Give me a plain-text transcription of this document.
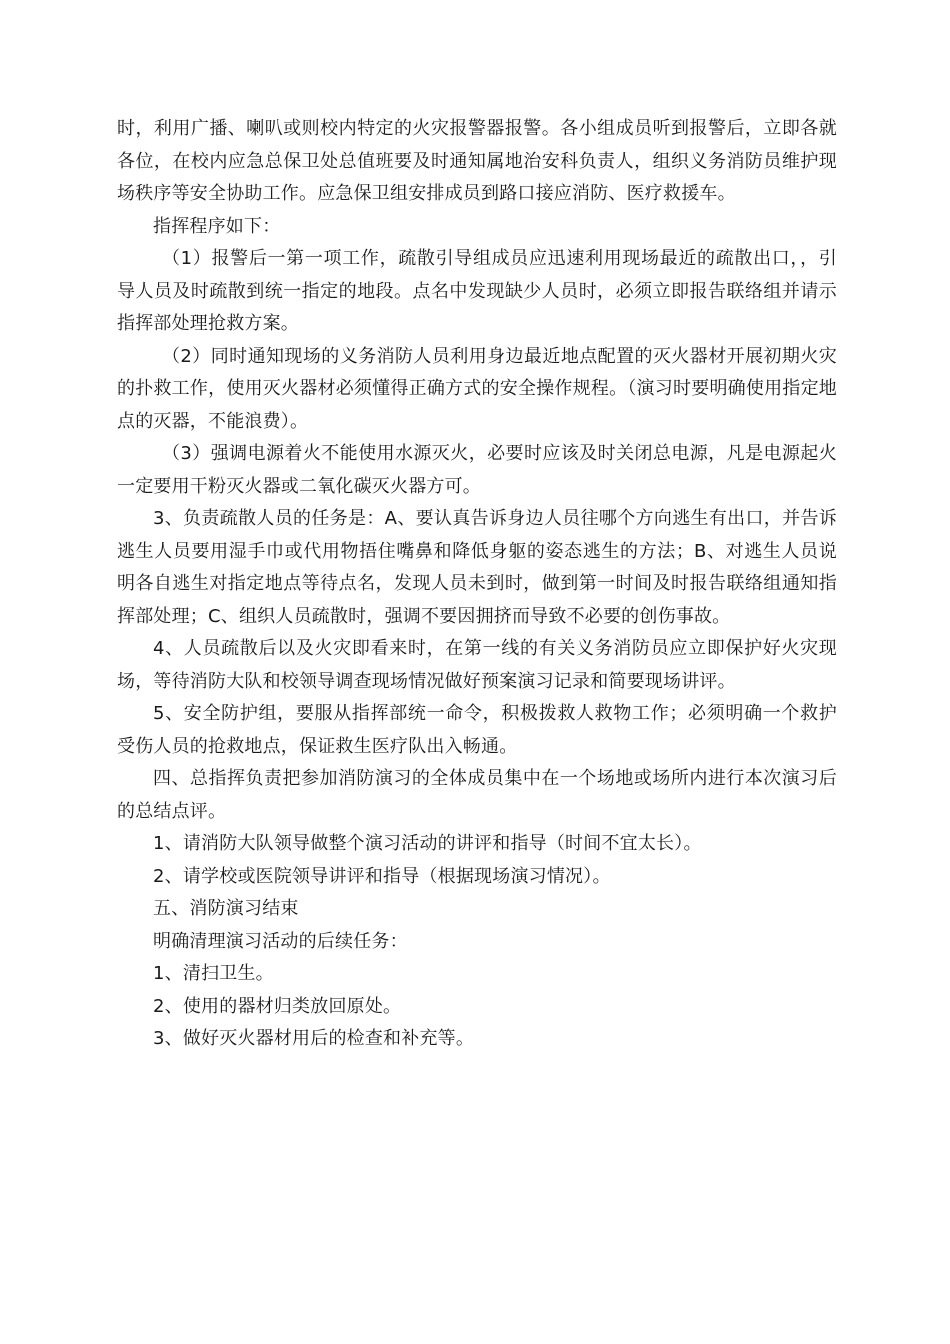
时，利用广播、喇叭或则校内特定的火灾报警器报警。各小组成员听到报警后，立即各就各位，在校内应急总保卫处总值班要及时通知属地治安科负责人，组织义务消防员维护现场秩序等安全协助工作。应急保卫组安排成员到路口接应消防、医疗救援车。

指挥程序如下：

（1）报警后一第一项工作，疏散引导组成员应迅速利用现场最近的疏散出口，，引导人员及时疏散到统一指定的地段。点名中发现缺少人员时，必须立即报告联络组并请示指挥部处理抢救方案。

（2）同时通知现场的义务消防人员利用身边最近地点配置的灭火器材开展初期火灾的扑救工作，使用灭火器材必须懂得正确方式的安全操作规程。（演习时要明确使用指定地点的灭器，不能浪费）。

（3）强调电源着火不能使用水源灭火，必要时应该及时关闭总电源，凡是电源起火一定要用干粉灭火器或二氧化碳灭火器方可。

3、负责疏散人员的任务是：A、要认真告诉身边人员往哪个方向逃生有出口，并告诉逃生人员要用湿手巾或代用物捂住嘴鼻和降低身躯的姿态逃生的方法；B、对逃生人员说明各自逃生对指定地点等待点名，发现人员未到时，做到第一时间及时报告联络组通知指挥部处理；C、组织人员疏散时，强调不要因拥挤而导致不必要的创伤事故。

4、人员疏散后以及火灾即看来时，在第一线的有关义务消防员应立即保护好火灾现场，等待消防大队和校领导调查现场情况做好预案演习记录和简要现场讲评。

5、安全防护组，要服从指挥部统一命令，积极拨救人救物工作；必须明确一个救护受伤人员的抢救地点，保证救生医疗队出入畅通。

四、总指挥负责把参加消防演习的全体成员集中在一个场地或场所内进行本次演习后的总结点评。

1、请消防大队领导做整个演习活动的讲评和指导（时间不宜太长）。

2、请学校或医院领导讲评和指导（根据现场演习情况）。

五、消防演习结束

明确清理演习活动的后续任务：

1、清扫卫生。

2、使用的器材归类放回原处。

3、做好灭火器材用后的检查和补充等。
